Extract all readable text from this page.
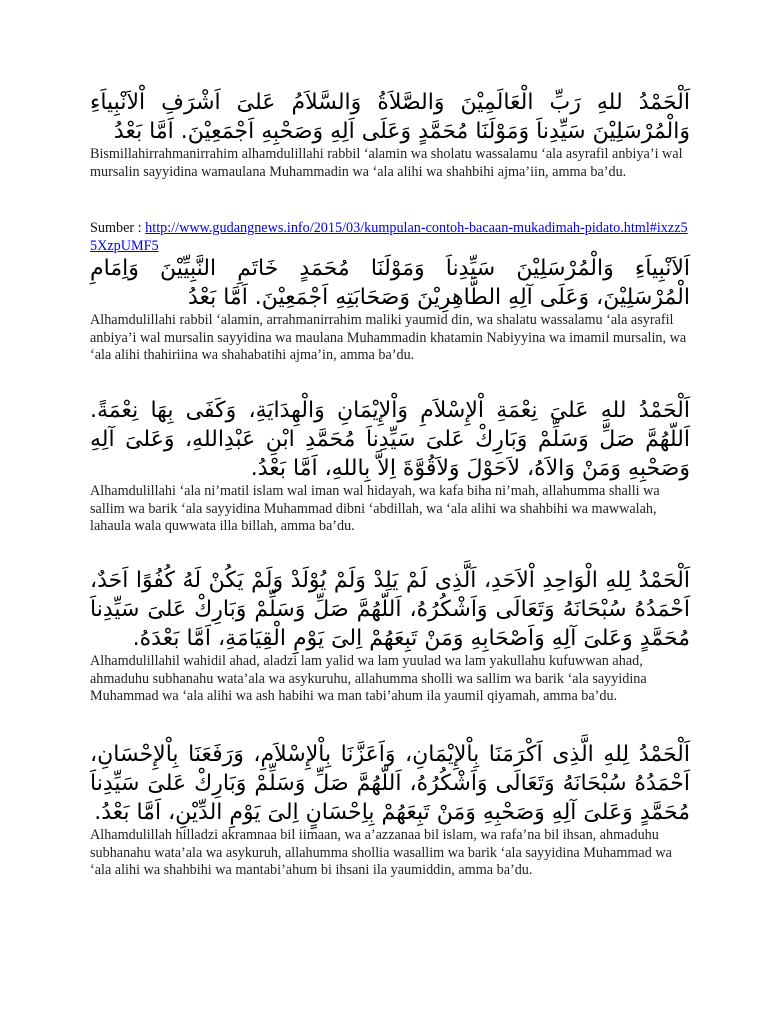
اَلْحَمْدُ للهِ رَبِّ الْعَالَمِيْنَ وَالصَّلاَةُ وَالسَّلاَمُ عَلىَ اَشْرَفِ اْلاَنْبِياَءِ وَالْمُرْسَلِيْنَ سَيِّدِناَ وَمَوْلَنَا مُحَمَّدٍ وَعَلَى اَلِهِ وَصَحْبِهِ اَجْمَعِيْنَ. اَمَّا بَعْدُ

Bismillahirrahmanirrahim alhamdulillahi rabbil ‘alamin wa sholatu wassalamu ‘ala asyrafil anbiya’i wal mursalin sayyidina wamaulana Muhammadin wa ‘ala alihi wa shahbihi ajma’iin, amma ba’du.

Sumber : http://www.gudangnews.info/2015/03/kumpulan-contoh-bacaan-mukadimah-pidato.html#ixzz55XzpUMF5

اَلاَنْبِياَءِ وَالْمُرْسَلِيْنَ سَيِّدِناَ وَمَوْلَنَا مُحَمَدٍ خَاتَمِ النَّبِيِّيْنَ وَاِمَامِ الْمُرْسَلِيْنَ، وَعَلَى آلِهِ الطَّاهِرِيْنَ وَصَحَابَتِهِ اَجْمَعِيْنَ. اَمَّا بَعْدُ

Alhamdulillahi rabbil ‘alamin, arrahmanirrahim maliki yaumid din, wa shalatu wassalamu ‘ala asyrafil anbiya’i wal mursalin sayyidina wa maulana Muhammadin khatamin Nabiyyina wa imamil mursalin, wa ‘ala alihi thahiriina wa shahabatihi ajma’in, amma ba’du.

اَلْحَمْدُ للهِ عَلىَ نِعْمَةِ اْلإِسْلاَمِ وَاْلإِيْمَانِ وَالْهِدَايَةِ، وَكَفَى بِهَا نِعْمَةً. اَللّهُمَّ صَلِّ وَسَلِّمْ وَبَارِكْ عَلىَ سَيِّدِناَ مُحَمَّدِ ابْنِ عَبْدِاللهِ، وَعَلىَ آلِهِ وَصَحْبِهِ وَمَنْ وَالاَهُ، لاَحَوْلَ وَلاَقُوَّةَ اِلاَّ بِاللهِ، اَمَّا بَعْدُ.

Alhamdulillahi ‘ala ni’matil islam wal iman wal hidayah, wa kafa biha ni’mah, allahumma shalli wa sallim wa barik ‘ala sayyidina Muhammad dibni ‘abdillah, wa ‘ala alihi wa shahbihi wa mawwalah, lahaula wala quwwata illa billah, amma ba’du.

اَلْحَمْدُ لِلهِ الْوَاحِدِ اْلاَحَدِ، اَلَّذِى لَمْ يَلِدْ وَلَمْ يُوْلَدْ وَلَمْ يَكُنْ لَهُ كُفُوًا اَحَدٌ، اَحْمَدُهُ سُبْحَانَهُ وَتَعَالَى وَاَشْكُرُهُ، اَللّهُمَّ صَلِّ وَسَلِّمْ وَبَارِكْ عَلىَ سَيِّدِناَ مُحَمَّدٍ وَعَلىَ آلِهِ وَاَصْحَابِهِ وَمَنْ تَبِعَهُمْ اِلىَ يَوْمِ الْقِيَامَةِ، اَمَّا بَعْدَهُ.

Alhamdulillahil wahidil ahad, aladzi lam yalid wa lam yuulad wa lam yakullahu kufuwwan ahad, ahmaduhu subhanahu wata’ala wa asykuruhu, allahumma sholli wa sallim wa barik ‘ala sayyidina Muhammad wa ‘ala alihi wa ash habihi wa man tabi’ahum ila yaumil qiyamah, amma ba’du.

اَلْحَمْدُ لِلهِ الَّذِى اَكْرَمَنَا بِاْلإِيْمَانِ، وَاَعَزَّنَا بِاْلإِسْلاَمِ، وَرَفَعَنَا بِاْلإِحْسَانِ، اَحْمَدُهُ سُبْحَانَهُ وَتَعَالَى وَاَشْكُرُهُ، اَللّهُمَّ صَلِّ وَسَلِّمْ وَبَارِكْ عَلىَ سَيِّدِناَ مُحَمَّدٍ وَعَلىَ آلِهِ وَصَحْبِهِ وَمَنْ تَبِعَهُمْ بِاِحْسَانٍ اِلىَ يَوْمِ الدِّيْنِ، اَمَّا بَعْدُ.

Alhamdulillah hilladzi akramnaa bil iimaan, wa a’azzanaa bil islam, wa rafa’na bil ihsan, ahmaduhu subhanahu wata’ala wa asykuruh, allahumma shollia wasallim wa barik ‘ala sayyidina Muhammad wa ‘ala alihi wa shahbihi wa mantabi’ahum bi ihsani ila yaumiddin, amma ba’du.
